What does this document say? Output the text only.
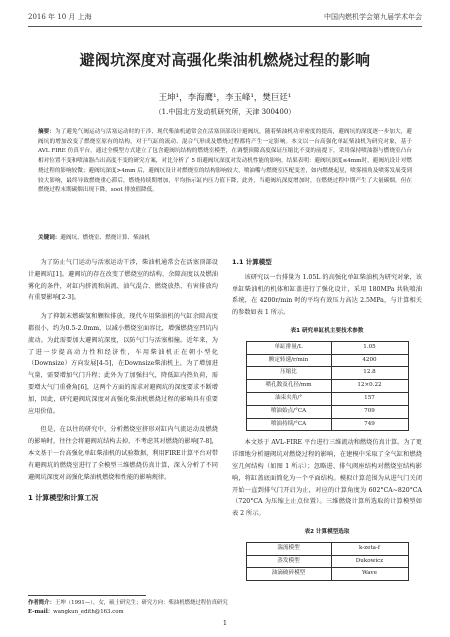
2016 年 10 月 上海	中国内燃机学会第九届学术年会
避阀坑深度对高强化柴油机燃烧过程的影响
王坤¹，李海鹰¹，李玉峰¹，樊巨廷¹
（1.中国北方发动机研究所，天津 300400）
摘要：为了避免气阀运动与活塞运动时的干涉，现代柴油机通常会在活塞顶部设计避阀坑，随着柴油机功率密度的提高，避阀坑的深度逐一步加大，避阀坑的增加改变了燃烧室原有的结构，对于气缸的流动、混合气形成及燃烧过程都将产生一定影响。本文以一台高强化单缸柴油机为研究对象，基于 AVL FIRE 仿真平台，通过全模型方式建立了包含避阀坑结构的燃烧室模型，在调整顶隙高度保证压缩比不变的前提下，采用保持喷油器与燃烧室凸台相对位置不变和喷油器凸出高度不变的研究方案，对比分析了 5 组避阀坑深度对发动机性能的影响。结果表明：避阀坑深度≤4mm时，避阀坑设计对燃烧过程的影响较微；避阀坑深度>4mm 后，避阀坑设计对燃烧室的结构影响较大，喷油嘴与燃烧室匹配变差，如内燃烧起星，喷雾撞角及喷雾发展受到较大影响，最终导致燃烧重心滞后，燃烧持续期增加，平均指示缸内压力值下降，此外，当避阀坑深度增加时，在燃烧过程中期产生了大量碳烟，但在燃烧过程末期碳烟出现下降，soot 排放值降低。
关键词：避阀坑、燃烧室、燃烧计算、柴油机

为了防止气门运动与活塞运动干涉，柴油机通常会在活塞顶部设计避阀坑[1]。避阀坑的存在改变了燃烧室的结构、余隙高度以及燃油雾化的条件，对缸内挤流和涡流、油气混合、燃烧放热、有害排放均有重要影响[2-3]。

为了抑制末燃碳氢和颗粒排放，现代车用柴油机的气缸余隙高度都很小，约为0.5-2.0mm，以减小燃烧室面容比，增强燃烧室凹坑内流动。为此需要加大避阀坑深度，以防气门与活塞相撞。近年来，为了进一步提高动力性和经济性，车用柴油机正在朝小型化（Downsize）方向发展[4-5]，在Downsize柴油机上，为了增加进气量，需要增加气门升程；此外为了加强扫气，降低缸内热负荷，需要增大气门重叠角[6]，这两个方面的需求对避阀坑的深度要求不断增加，因此，研究避阀坑深度对高强化柴油机燃烧过程的影响具有重要应用价值。

但是，在以往的研究中，分析燃烧室挤形对缸内气流运动及燃烧的影响时，往往会将避阀坑结构去掉，不考虑其对燃烧的影响[7-8]，本文基于一台高强化单缸柴油机的试验数据，利用FIRE计算平台对带有避阀坑的燃烧室进行了全模型三维燃烧仿真计算，深入分析了不同避阀坑深度对高强化柴油机燃烧和性能的影响规律。

1 计算模型和计算工况
1.1 计算模型

该研究以一台排量为 1.05L 的高强化单缸柴油机为研究对象，该单缸柴油机的机体和缸盖进行了强化设计，采用 180MPa 共轨喷油系统，在 4200r/min 时的平均有效压力高达 2.5MPa，与计算相关的参数如表 1 所示。

表1 研究单缸机主要技术参数
单缸排量/L	1.05
额定转速/r/min	4200
压缩比	12.8
喷孔数及孔径/mm	12×0.22
油束夹角/°	157
喷油始点/°CA	709
喷油持续/°CA	749

本文基于 AVL-FIRE 平台进行三维流动和燃烧仿真计算。为了更详细地分析避阀坑对燃烧过程的影响，在建模中采取了全气缸和燃烧室几何结构（如图 1 所示）；忽略进、排气阀座结构对燃烧室结构影响，将缸盖底面简化为一个平面结构。模拟计算范围为从进气门关闭开始一直到排气门开启为止，对应的计算角度为 602°CA~820°CA（720°CA 为压缩上止点位置）。三维燃烧计算所选取的计算模型如表 2 所示。

表2 计算模型选取
湍流模型	k-zeta-f
蒸发模型	Dukowicz
油滴破碎模型	Wave
作者简介：王坤（1991—），女，硕士研究生；研究方向：柴油机燃烧过程仿真研究
E-mail：wangkun_edith@163.com
1
